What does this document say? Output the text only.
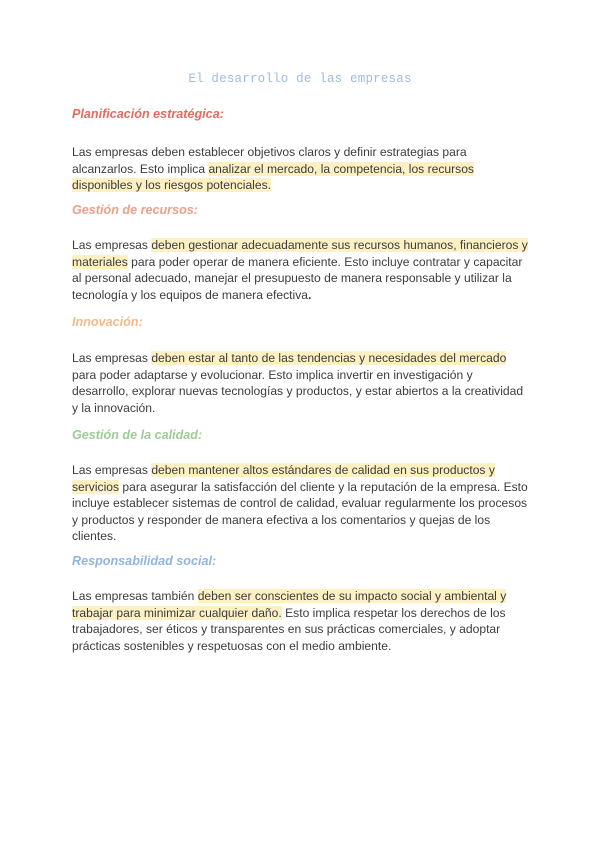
El desarrollo de las empresas

Planificación estratégica:

Las empresas deben establecer objetivos claros y definir estrategias para alcanzarlos. Esto implica analizar el mercado, la competencia, los recursos disponibles y los riesgos potenciales.

Gestión de recursos:

Las empresas deben gestionar adecuadamente sus recursos humanos, financieros y materiales para poder operar de manera eficiente. Esto incluye contratar y capacitar al personal adecuado, manejar el presupuesto de manera responsable y utilizar la tecnología y los equipos de manera efectiva.

Innovación:

Las empresas deben estar al tanto de las tendencias y necesidades del mercado para poder adaptarse y evolucionar. Esto implica invertir en investigación y desarrollo, explorar nuevas tecnologías y productos, y estar abiertos a la creatividad y la innovación.

Gestión de la calidad:

Las empresas deben mantener altos estándares de calidad en sus productos y servicios para asegurar la satisfacción del cliente y la reputación de la empresa. Esto incluye establecer sistemas de control de calidad, evaluar regularmente los procesos y productos y responder de manera efectiva a los comentarios y quejas de los clientes.

Responsabilidad social:

Las empresas también deben ser conscientes de su impacto social y ambiental y trabajar para minimizar cualquier daño. Esto implica respetar los derechos de los trabajadores, ser éticos y transparentes en sus prácticas comerciales, y adoptar prácticas sostenibles y respetuosas con el medio ambiente.
